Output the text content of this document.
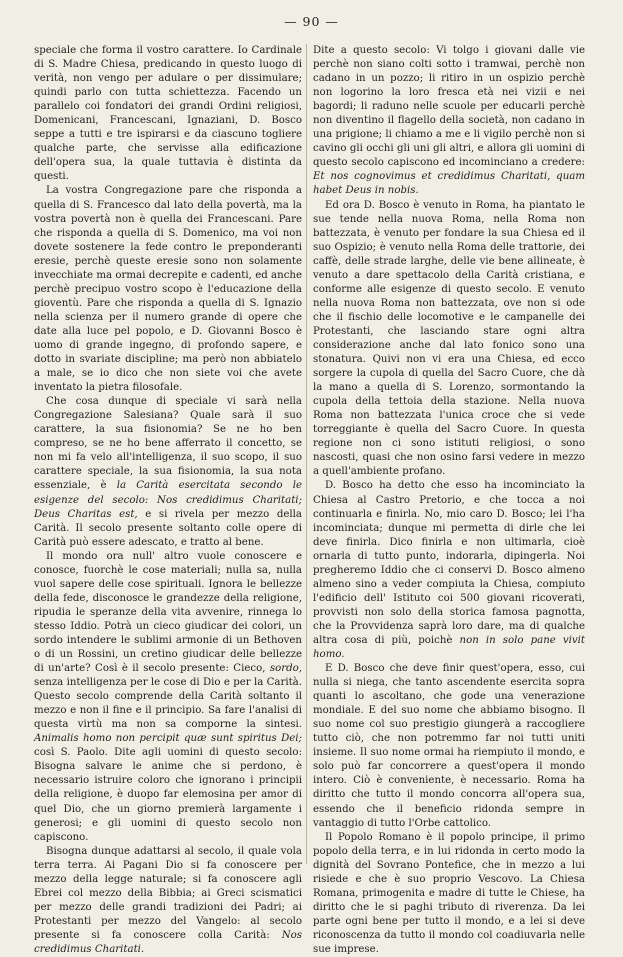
— 90 —

speciale che forma il vostro carattere. Io Cardinale di S. Madre Chiesa, predicando in questo luogo di verità, non vengo per adulare o per dissimulare; quindi parlo con tutta schiettezza. Facendo un parallelo coi fondatori dei grandi Ordini religiosi, Domenicani, Francescani, Ignaziani, D. Bosco seppe a tutti e tre ispirarsi e da ciascuno togliere qualche parte, che servisse alla edificazione dell'opera sua, la quale tuttavia è distinta da questi.

La vostra Congregazione pare che risponda a quella di S. Francesco dal lato della povertà, ma la vostra povertà non è quella dei Francescani. Pare che risponda a quella di S. Domenico, ma voi non dovete sostenere la fede contro le preponderanti eresie, perchè queste eresie sono non solamente invecchiate ma ormai decrepite e cadenti, ed anche perchè precipuo vostro scopo è l'educazione della gioventù. Pare che risponda a quella di S. Ignazio nella scienza per il numero grande di opere che date alla luce pel popolo, e D. Giovanni Bosco è uomo di grande ingegno, di profondo sapere, e dotto in svariate discipline; ma però non abbiatelo a male, se io dico che non siete voi che avete inventato la pietra filosofale.

Che cosa dunque di speciale vi sarà nella Congregazione Salesiana? Quale sarà il suo carattere, la sua fisionomia? Se ne ho ben compreso, se ne ho bene afferrato il concetto, se non mi fa velo all'intelligenza, il suo scopo, il suo carattere speciale, la sua fisionomia, la sua nota essenziale, è la Carità esercitata secondo le esigenze del secolo: Nos credidimus Charitati; Deus Charitas est, e si rivela per mezzo della Carità. Il secolo presente soltanto colle opere di Carità può essere adescato, e tratto al bene.

Il mondo ora null' altro vuole conoscere e conosce, fuorchè le cose materiali; nulla sa, nulla vuol sapere delle cose spirituali. Ignora le bellezze della fede, disconosce le grandezze della religione, ripudia le speranze della vita avvenire, rinnega lo stesso Iddio. Potrà un cieco giudicar dei colori, un sordo intendere le sublimi armonie di un Bethoven o di un Rossini, un cretino giudicar delle bellezze di un'arte? Così è il secolo presente: Cieco, sordo, senza intelligenza per le cose di Dio e per la Carità. Questo secolo comprende della Carità soltanto il mezzo e non il fine e il principio. Sa fare l'analisi di questa virtù ma non sa comporne la sintesi. Animalis homo non percipit quæ sunt spiritus Dei; così S. Paolo. Dite agli uomini di questo secolo: Bisogna salvare le anime che si perdono, è necessario istruire coloro che ignorano i principii della religione, è duopo far elemosina per amor di quel Dio, che un giorno premierà largamente i generosi; e gli uomini di questo secolo non capiscono.

Bisogna dunque adattarsi al secolo, il quale vola terra terra. Ai Pagani Dio si fa conoscere per mezzo della legge naturale; si fa conoscere agli Ebrei col mezzo della Bibbia; ai Greci scismatici per mezzo delle grandi tradizioni dei Padri; ai Protestanti per mezzo del Vangelo: al secolo presente si fa conoscere colla Carità: Nos credidimus Charitati.

Dite a questo secolo: Vi tolgo i giovani dalle vie perchè non siano colti sotto i tramwai, perchè non cadano in un pozzo; li ritiro in un ospizio perchè non logorino la loro fresca età nei vizii e nei bagordi; li raduno nelle scuole per educarli perchè non diventino il flagello della società, non cadano in una prigione; li chiamo a me e li vigilo perchè non si cavino gli occhi gli uni gli altri, e allora gli uomini di questo secolo capiscono ed incominciano a credere: Et nos cognovimus et credidimus Charitati, quam habet Deus in nobis.

Ed ora D. Bosco è venuto in Roma, ha piantato le sue tende nella nuova Roma, nella Roma non battezzata, è venuto per fondare la sua Chiesa ed il suo Ospizio; è venuto nella Roma delle trattorie, dei caffè, delle strade larghe, delle vie bene allineate, è venuto a dare spettacolo della Carità cristiana, e conforme alle esigenze di questo secolo. E venuto nella nuova Roma non battezzata, ove non si ode che il fischio delle locomotive e le campanelle dei Protestanti, che lasciando stare ogni altra considerazione anche dal lato fonico sono una stonatura. Quivi non vi era una Chiesa, ed ecco sorgere la cupola di quella del Sacro Cuore, che dà la mano a quella di S. Lorenzo, sormontando la cupola della tettoia della stazione. Nella nuova Roma non battezzata l'unica croce che si vede torreggiante è quella del Sacro Cuore. In questa regione non ci sono istituti religiosi, o sono nascosti, quasi che non osino farsi vedere in mezzo a quell'ambiente profano.

D. Bosco ha detto che esso ha incominciato la Chiesa al Castro Pretorio, e che tocca a noi continuarla e finirla. No, mio caro D. Bosco; lei l'ha incominciata; dunque mi permetta di dirle che lei deve finirla. Dico finirla e non ultimarla, cioè ornarla di tutto punto, indorarla, dipingerla. Noi pregheremo Iddio che ci conservi D. Bosco almeno almeno sino a veder compiuta la Chiesa, compiuto l'edificio dell' Istituto coi 500 giovani ricoverati, provvisti non solo della storica famosa pagnotta, che la Provvidenza saprà loro dare, ma di qualche altra cosa di più, poichè non in solo pane vivit homo.

E D. Bosco che deve finir quest'opera, esso, cui nulla si niega, che tanto ascendente esercita sopra quanti lo ascoltano, che gode una venerazione mondiale. E del suo nome che abbiamo bisogno. Il suo nome col suo prestigio giungerà a raccogliere tutto ciò, che non potremmo far noi tutti uniti insieme. Il suo nome ormai ha riempiuto il mondo, e solo può far concorrere a quest'opera il mondo intero. Ciò è conveniente, è necessario. Roma ha diritto che tutto il mondo concorra all'opera sua, essendo che il beneficio ridonda sempre in vantaggio di tutto l'Orbe cattolico.

Il Popolo Romano è il popolo principe, il primo popolo della terra, e in lui ridonda in certo modo la dignità del Sovrano Pontefice, che in mezzo a lui risiede e che è suo proprio Vescovo. La Chiesa Romana, primogenita e madre di tutte le Chiese, ha diritto che le si paghi tributo di riverenza. Da lei parte ogni bene per tutto il mondo, e a lei si deve riconoscenza da tutto il mondo col coadiuvarla nelle sue imprese.
